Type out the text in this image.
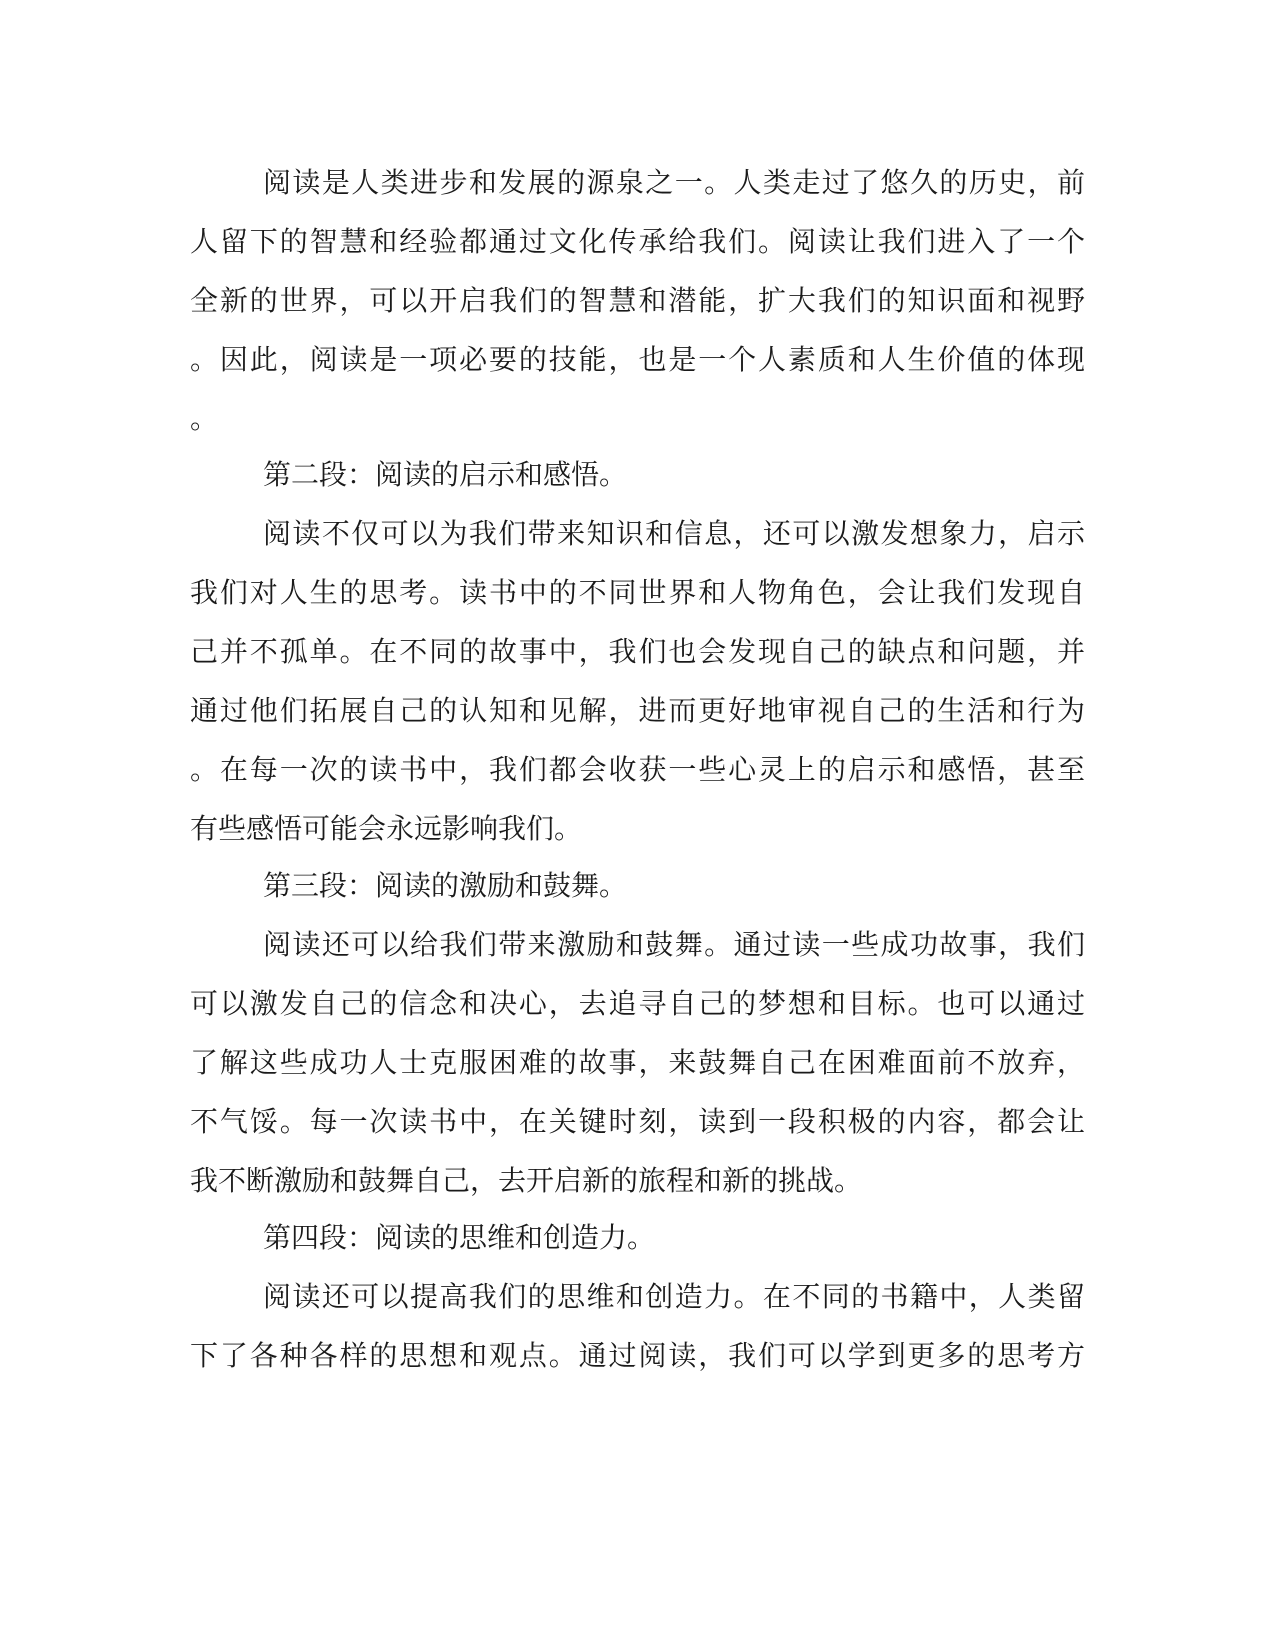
阅读是人类进步和发展的源泉之一。人类走过了悠久的历史，前
人留下的智慧和经验都通过文化传承给我们。阅读让我们进入了一个
全新的世界，可以开启我们的智慧和潜能，扩大我们的知识面和视野
。因此，阅读是一项必要的技能，也是一个人素质和人生价值的体现
。
第二段：阅读的启示和感悟。
阅读不仅可以为我们带来知识和信息，还可以激发想象力，启示
我们对人生的思考。读书中的不同世界和人物角色，会让我们发现自
己并不孤单。在不同的故事中，我们也会发现自己的缺点和问题，并
通过他们拓展自己的认知和见解，进而更好地审视自己的生活和行为
。在每一次的读书中，我们都会收获一些心灵上的启示和感悟，甚至
有些感悟可能会永远影响我们。
第三段：阅读的激励和鼓舞。
阅读还可以给我们带来激励和鼓舞。通过读一些成功故事，我们
可以激发自己的信念和决心，去追寻自己的梦想和目标。也可以通过
了解这些成功人士克服困难的故事，来鼓舞自己在困难面前不放弃，
不气馁。每一次读书中，在关键时刻，读到一段积极的内容，都会让
我不断激励和鼓舞自己，去开启新的旅程和新的挑战。
第四段：阅读的思维和创造力。
阅读还可以提高我们的思维和创造力。在不同的书籍中，人类留
下了各种各样的思想和观点。通过阅读，我们可以学到更多的思考方
